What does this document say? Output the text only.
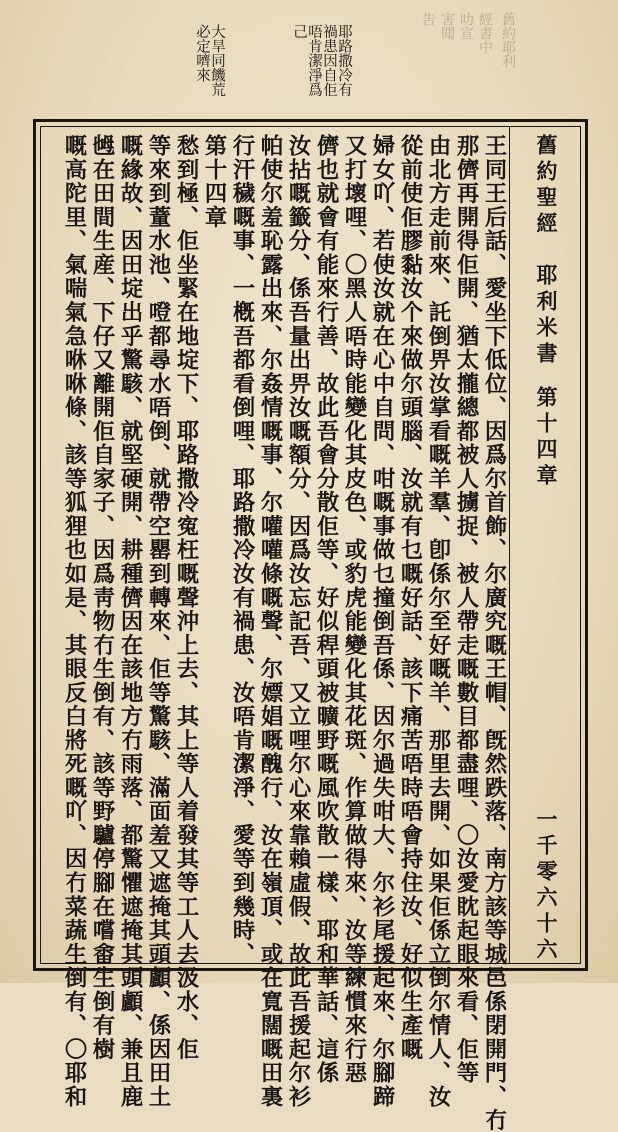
舊約耶利
經書中
叻宣
害聞
吿
耶路撒冷有
禍患因自佢
唔肯潔淨爲
己
大旱同饑荒
必定嚌來
舊約聖經
耶利米書
第十四章
一千零六十六
王同王后話、愛坐下低位、因爲尔首飾、尔廣究嘅王帽、旣然跌落、南方該等城邑係閉開門、冇
那儕再開得佢開、猶太攏總都被人擄捉、被人帶走嘅數目都盡哩、〇汝愛眈起眼來看、佢等
由北方走前來、託倒畀汝掌看嘅羊羣、卽係尔至好嘅羊、那里去開、如果佢係立倒尔情人、汝
從前使佢膠黏汝个來做尔頭腦、汝就有乜嘅好話、該下痛苦唔時唔會持住汝、好似生產嘅
婦女吖、若使汝就在心中自問、咁嘅事做乜撞倒吾係、因尔過失咁大、尔衫尾援起來、尔腳蹄
又打壞哩、〇黑人唔時能變化其皮色、或豹虎能變化其花斑、作算做得來、汝等練慣來行惡
儕也就會有能來行善、故此吾會分散佢等、好似稈頭被曠野嘅風吹散一樣、耶和華話、這係
汝拈嘅籤分、係吾量出畀汝嘅額分、因爲汝忘記吾、又立哩尔心來靠賴虛假、故此吾援起尔衫
帕使尔羞恥露出來、尔姦情嘅事、尔嚾嚾條嘅聲、尔嫖娼嘅醜行、汝在嶺頂、或在寬闊嘅田裏
行汗穢嘅事、一槪吾都看倒哩、耶路撒冷汝有禍患、汝唔肯潔淨、愛等到幾時、
第十四章
愁到極、佢坐緊在地埞下、耶路撒冷寃枉嘅聲沖上去、其上等人着發其等工人去汲水、佢
等來到蕫水池、噔都尋水唔倒、就帶空罌到轉來、佢等驚駭、滿面羞又遮掩其頭顱、係因田土
嘅緣故、因田埞出乎驚駭、就堅硬開、耕種儕因在該地方冇雨落、都驚懼遮掩其頭顱、兼且鹿
乸在田間生産、下仔又離開佢自家子、因爲靑物冇生倒有、該等野驢停腳在嚐畬生倒有樹
嘅高陀里、氣喘氣急咻咻條、該等狐狸也如是、其眼反白將死嘅吖、因冇菜蔬生倒有、〇耶和
